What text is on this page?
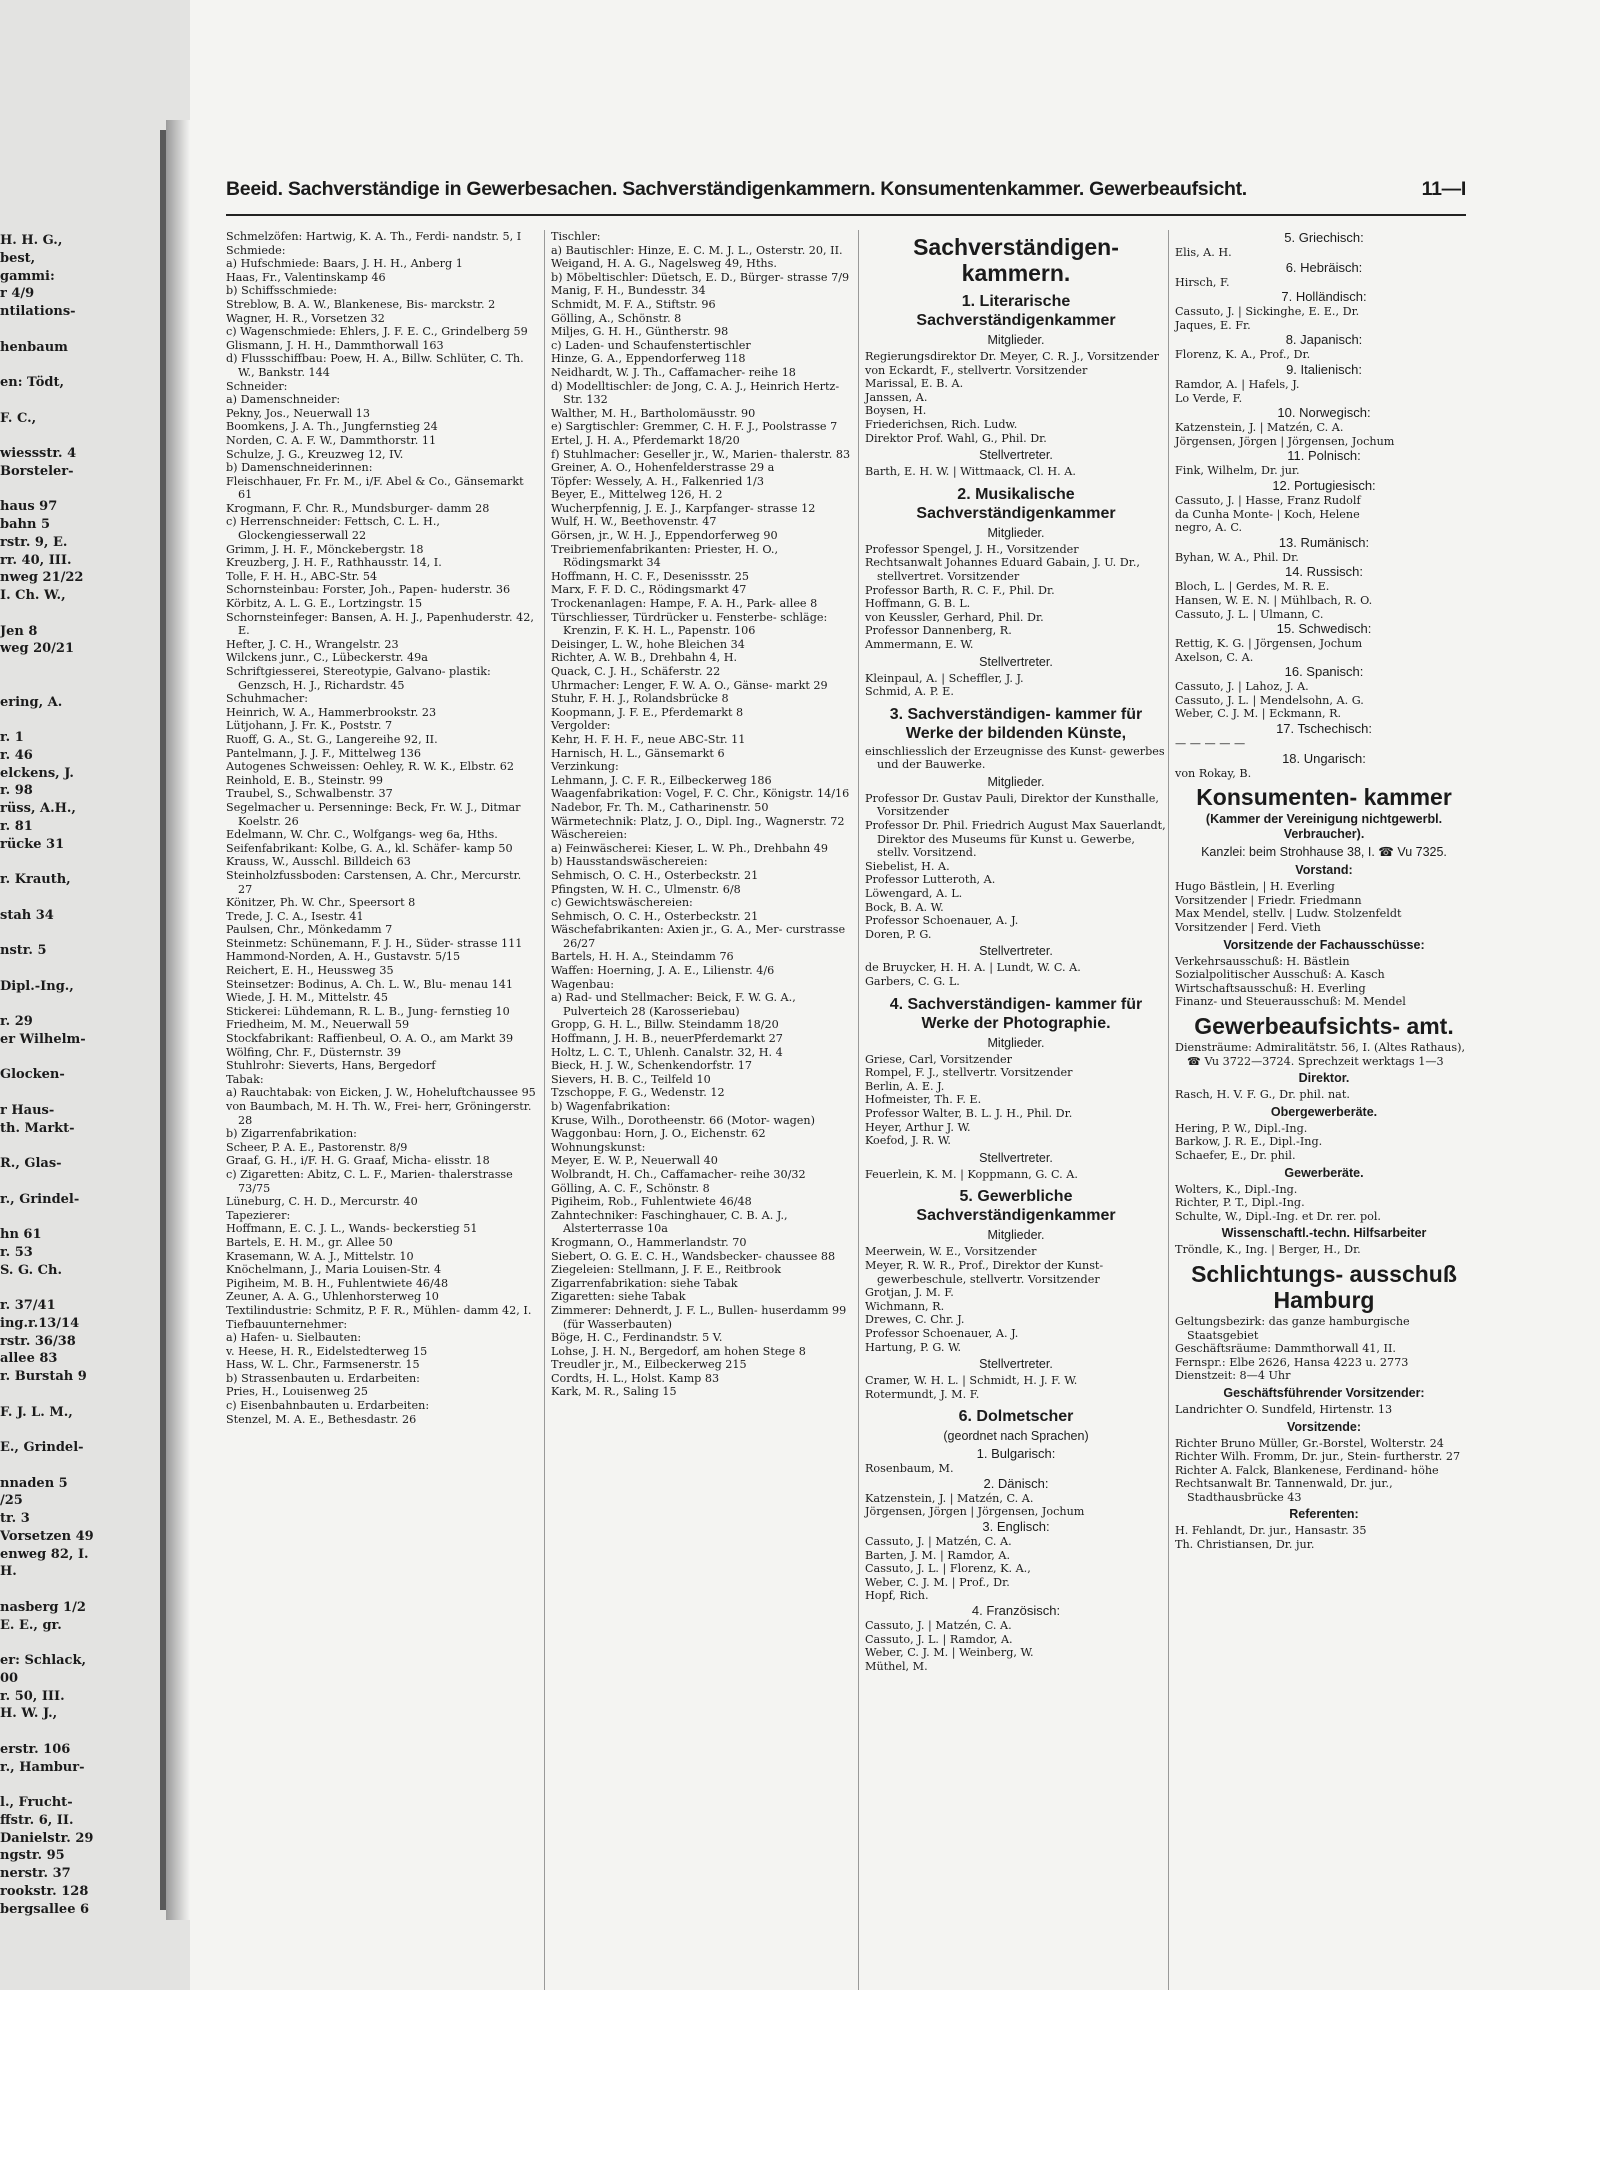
H. H. G.,
best,
gammi:
r 4/9
ntilations-
henbaum
en: Tödt,
F. C.,
wiessstr. 4
Borsteler-
haus 97
bahn 5
rstr. 9, E.
rr. 40, III.
nweg 21/22
I. Ch. W.,
Jen 8
weg 20/21
ering, A.
r. 1
r. 46
elckens, J.
r. 98
rüss, A.H.,
r. 81
rücke 31
r. Krauth,
stah 34
nstr. 5
Dipl.-Ing.,
r. 29
er Wilhelm-
Glocken-
r Haus-
th. Markt-
R., Glas-
r., Grindel-
hn 61
r. 53
S. G. Ch.
r. 37/41
ing.r.13/14
rstr. 36/38
allee 83
r. Burstah 9
F. J. L. M.,
E., Grindel-
nnaden 5
/25
tr. 3
Vorsetzen 49
enweg 82, I.
H.
nasberg 1/2
E. E., gr.
er: Schlack,
00
r. 50, III.
H. W. J.,
erstr. 106
r., Hambur-
l., Frucht-
ffstr. 6, II.
Danielstr. 29
ngstr. 95
nerstr. 37
rookstr. 128
bergsallee 6
Beeid. Sachverständige in Gewerbesachen. Sachverständigenkammern. Konsumentenkammer. Gewerbeaufsicht.	11—I
Schmelzöfen: Hartwig, K. A. Th., Ferdi- nandstr. 5, I
Schmiede:
a) Hufschmiede: Baars, J. H. H., Anberg 1
Haas, Fr., Valentinskamp 46
b) Schiffsschmiede:
Streblow, B. A. W., Blankenese, Bis- marckstr. 2
Wagner, H. R., Vorsetzen 32
c) Wagenschmiede: Ehlers, J. F. E. C., Grindelberg 59
Glismann, J. H. H., Dammthorwall 163
d) Flussschiffbau: Poew, H. A., Billw. Schlüter, C. Th. W., Bankstr. 144
Schneider:
a) Damenschneider:
Pekny, Jos., Neuerwall 13
Boomkens, J. A. Th., Jungfernstieg 24
Norden, C. A. F. W., Dammthorstr. 11
Schulze, J. G., Kreuzweg 12, IV.
b) Damenschneiderinnen:
Fleischhauer, Fr. Fr. M., i/F. Abel & Co., Gänsemarkt 61
Krogmann, F. Chr. R., Mundsburger- damm 28
c) Herrenschneider: Fettsch, C. L. H., Glockengiesserwall 22
Grimm, J. H. F., Mönckebergstr. 18
Kreuzberg, J. H. F., Rathhausstr. 14, I.
Tolle, F. H. H., ABC-Str. 54
Schornsteinbau: Forster, Joh., Papen- huderstr. 36
Körbitz, A. L. G. E., Lortzingstr. 15
Schornsteinfeger: Bansen, A. H. J., Papenhuderstr. 42, E.
Hefter, J. C. H., Wrangelstr. 23
Wilckens junr., C., Lübeckerstr. 49a
Schriftgiesserei, Stereotypie, Galvano- plastik: Genzsch, H. J., Richardstr. 45
Schuhmacher:
Heinrich, W. A., Hammerbrookstr. 23
Lütjohann, J. Fr. K., Poststr. 7
Ruoff, G. A., St. G., Langereihe 92, II.
Pantelmann, J. J. F., Mittelweg 136
Autogenes Schweissen: Oehley, R. W. K., Elbstr. 62
Reinhold, E. B., Steinstr. 99
Traubel, S., Schwalbenstr. 37
Segelmacher u. Persenninge: Beck, Fr. W. J., Ditmar Koelstr. 26
Edelmann, W. Chr. C., Wolfgangs- weg 6a, Hths.
Seifenfabrikant: Kolbe, G. A., kl. Schäfer- kamp 50
Krauss, W., Ausschl. Billdeich 63
Steinholzfussboden: Carstensen, A. Chr., Mercurstr. 27
Könitzer, Ph. W. Chr., Speersort 8
Trede, J. C. A., Isestr. 41
Paulsen, Chr., Mönkedamm 7
Steinmetz: Schünemann, F. J. H., Süder- strasse 111
Hammond-Norden, A. H., Gustavstr. 5/15
Reichert, E. H., Heussweg 35
Steinsetzer: Bodinus, A. Ch. L. W., Blu- menau 141
Wiede, J. H. M., Mittelstr. 45
Stickerei: Lühdemann, R. L. B., Jung- fernstieg 10
Friedheim, M. M., Neuerwall 59
Stockfabrikant: Raffienbeul, O. A. O., am Markt 39
Wölfing, Chr. F., Düsternstr. 39
Stuhlrohr: Sieverts, Hans, Bergedorf
Tabak:
a) Rauchtabak: von Eicken, J. W., Hoheluftchaussee 95
von Baumbach, M. H. Th. W., Frei- herr, Gröningerstr. 28
b) Zigarrenfabrikation:
Scheer, P. A. E., Pastorenstr. 8/9
Graaf, G. H., i/F. H. G. Graaf, Micha- elisstr. 18
c) Zigaretten: Abitz, C. L. F., Marien- thalerstrasse 73/75
Lüneburg, C. H. D., Mercurstr. 40
Tapezierer:
Hoffmann, E. C. J. L., Wands- beckerstieg 51
Bartels, E. H. M., gr. Allee 50
Krasemann, W. A. J., Mittelstr. 10
Knöchelmann, J., Maria Louisen-Str. 4
Pigiheim, M. B. H., Fuhlentwiete 46/48
Zeuner, A. A. G., Uhlenhorsterweg 10
Textilindustrie: Schmitz, P. F. R., Mühlen- damm 42, I.
Tiefbauunternehmer:
a) Hafen- u. Sielbauten:
v. Heese, H. R., Eidelstedterweg 15
Hass, W. L. Chr., Farmsenerstr. 15
b) Strassenbauten u. Erdarbeiten:
Pries, H., Louisenweg 25
c) Eisenbahnbauten u. Erdarbeiten:
Stenzel, M. A. E., Bethesdastr. 26
Tischler:
a) Bautischler: Hinze, E. C. M. J. L., Osterstr. 20, II.
Weigand, H. A. G., Nagelsweg 49, Hths.
b) Möbeltischler: Düetsch, E. D., Bürger- strasse 7/9
Manig, F. H., Bundesstr. 34
Schmidt, M. F. A., Stiftstr. 96
Gölling, A., Schönstr. 8
Miljes, G. H. H., Güntherstr. 98
c) Laden- und Schaufenstertischler
Hinze, G. A., Eppendorferweg 118
Neidhardt, W. J. Th., Caffamacher- reihe 18
d) Modelltischler: de Jong, C. A. J., Heinrich Hertz-Str. 132
Walther, M. H., Bartholomäusstr. 90
e) Sargtischler: Gremmer, C. H. F. J., Poolstrasse 7
Ertel, J. H. A., Pferdemarkt 18/20
f) Stuhlmacher: Geseller jr., W., Marien- thalerstr. 83
Greiner, A. O., Hohenfelderstrasse 29 a
Töpfer: Wessely, A. H., Falkenried 1/3
Beyer, E., Mittelweg 126, H. 2
Wucherpfennig, J. E. J., Karpfanger- strasse 12
Wulf, H. W., Beethovenstr. 47
Görsen, jr., W. H. J., Eppendorferweg 90
Treibriemenfabrikanten: Priester, H. O., Rödingsmarkt 34
Hoffmann, H. C. F., Desenissstr. 25
Marx, F. F. D. C., Rödingsmarkt 47
Trockenanlagen: Hampe, F. A. H., Park- allee 8
Türschliesser, Türdrücker u. Fensterbe- schläge: Krenzin, F. K. H. L., Papenstr. 106
Deisinger, L. W., hohe Bleichen 34
Richter, A. W. B., Drehbahn 4, H.
Quack, C. J. H., Schäferstr. 22
Uhrmacher: Lenger, F. W. A. O., Gänse- markt 29
Stuhr, F. H. J., Rolandsbrücke 8
Koopmann, J. F. E., Pferdemarkt 8
Vergolder:
Kehr, H. F. H. F., neue ABC-Str. 11
Harnisch, H. L., Gänsemarkt 6
Verzinkung:
Lehmann, J. C. F. R., Eilbeckerweg 186
Waagenfabrikation: Vogel, F. C. Chr., Königstr. 14/16
Nadebor, Fr. Th. M., Catharinenstr. 50
Wärmetechnik: Platz, J. O., Dipl. Ing., Wagnerstr. 72
Wäschereien:
a) Feinwäscherei: Kieser, L. W. Ph., Drehbahn 49
b) Hausstandswäschereien:
Sehmisch, O. C. H., Osterbeckstr. 21
Pfingsten, W. H. C., Ulmenstr. 6/8
c) Gewichtswäschereien:
Sehmisch, O. C. H., Osterbeckstr. 21
Wäschefabrikanten: Axien jr., G. A., Mer- curstrasse 26/27
Bartels, H. H. A., Steindamm 76
Waffen: Hoerning, J. A. E., Lilienstr. 4/6
Wagenbau:
a) Rad- und Stellmacher: Beick, F. W. G. A., Pulverteich 28 (Karosseriebau)
Gropp, G. H. L., Billw. Steindamm 18/20
Hoffmann, J. H. B., neuerPferdemarkt 27
Holtz, L. C. T., Uhlenh. Canalstr. 32, H. 4
Bieck, H. J. W., Schenkendorfstr. 17
Sievers, H. B. C., Teilfeld 10
Tzschoppe, F. G., Wedenstr. 12
b) Wagenfabrikation:
Kruse, Wilh., Dorotheenstr. 66 (Motor- wagen)
Waggonbau: Horn, J. O., Eichenstr. 62
Wohnungskunst:
Meyer, E. W. P., Neuerwall 40
Wolbrandt, H. Ch., Caffamacher- reihe 30/32
Gölling, A. C. F., Schönstr. 8
Pigiheim, Rob., Fuhlentwiete 46/48
Zahntechniker: Faschinghauer, C. B. A. J., Alsterterrasse 10a
Krogmann, O., Hammerlandstr. 70
Siebert, O. G. E. C. H., Wandsbecker- chaussee 88
Ziegeleien: Stellmann, J. F. E., Reitbrook
Zigarrenfabrikation: siehe Tabak
Zigaretten: siehe Tabak
Zimmerer: Dehnerdt, J. F. L., Bullen- huserdamm 99 (für Wasserbauten)
Böge, H. C., Ferdinandstr. 5 V.
Lohse, J. H. N., Bergedorf, am hohen Stege 8
Treudler jr., M., Eilbeckerweg 215
Cordts, H. L., Holst. Kamp 83
Kark, M. R., Saling 15
Sachverständigen- kammern.
1. Literarische Sachverständigenkammer
Mitglieder.
Regierungsdirektor Dr. Meyer, C. R. J., Vorsitzender
von Eckardt, F., stellvertr. Vorsitzender
Marissal, E. B. A.
Janssen, A.
Boysen, H.
Friederichsen, Rich. Ludw.
Direktor Prof. Wahl, G., Phil. Dr.
Stellvertreter.
Barth, E. H. W. | Wittmaack, Cl. H. A.
2. Musikalische Sachverständigenkammer
Mitglieder.
Professor Spengel, J. H., Vorsitzender
Rechtsanwalt Johannes Eduard Gabain, J. U. Dr., stellvertret. Vorsitzender
Professor Barth, R. C. F., Phil. Dr.
Hoffmann, G. B. L.
von Keussler, Gerhard, Phil. Dr.
Professor Dannenberg, R.
Ammermann, E. W.
Stellvertreter.
Kleinpaul, A. | Scheffler, J. J.
Schmid, A. P. E.
3. Sachverständigen- kammer für Werke der bildenden Künste,
einschliesslich der Erzeugnisse des Kunst- gewerbes und der Bauwerke.
Mitglieder.
Professor Dr. Gustav Pauli, Direktor der Kunsthalle, Vorsitzender
Professor Dr. Phil. Friedrich August Max Sauerlandt, Direktor des Museums für Kunst u. Gewerbe, stellv. Vorsitzend.
Siebelist, H. A.
Professor Lutteroth, A.
Löwengard, A. L.
Bock, B. A. W.
Professor Schoenauer, A. J.
Doren, P. G.
Stellvertreter.
de Bruycker, H. H. A. | Lundt, W. C. A.
Garbers, C. G. L.
4. Sachverständigen- kammer für Werke der Photographie.
Mitglieder.
Griese, Carl, Vorsitzender
Rompel, F. J., stellvertr. Vorsitzender
Berlin, A. E. J.
Hofmeister, Th. F. E.
Professor Walter, B. L. J. H., Phil. Dr.
Heyer, Arthur J. W.
Koefod, J. R. W.
Stellvertreter.
Feuerlein, K. M. | Koppmann, G. C. A.
5. Gewerbliche Sachverständigenkammer
Mitglieder.
Meerwein, W. E., Vorsitzender
Meyer, R. W. R., Prof., Direktor der Kunst- gewerbeschule, stellvertr. Vorsitzender
Grotjan, J. M. F.
Wichmann, R.
Drewes, C. Chr. J.
Professor Schoenauer, A. J.
Hartung, P. G. W.
Stellvertreter.
Cramer, W. H. L. | Schmidt, H. J. F. W.
Rotermundt, J. M. F.
6. Dolmetscher
(geordnet nach Sprachen)
1. Bulgarisch:
Rosenbaum, M.
2. Dänisch:
Katzenstein, J. | Matzén, C. A.
Jörgensen, Jörgen | Jörgensen, Jochum
3. Englisch:
Cassuto, J. | Matzén, C. A.
Barten, J. M. | Ramdor, A.
Cassuto, J. L. | Florenz, K. A.,
Weber, C. J. M. | Prof., Dr.
Hopf, Rich.
4. Französisch:
Cassuto, J. | Matzén, C. A.
Cassuto, J. L. | Ramdor, A.
Weber, C. J. M. | Weinberg, W.
Müthel, M.
5. Griechisch:
Elis, A. H.
6. Hebräisch:
Hirsch, F.
7. Holländisch:
Cassuto, J. | Sickinghe, E. E., Dr.
Jaques, E. Fr.
8. Japanisch:
Florenz, K. A., Prof., Dr.
9. Italienisch:
Ramdor, A. | Hafels, J.
Lo Verde, F.
10. Norwegisch:
Katzenstein, J. | Matzén, C. A.
Jörgensen, Jörgen | Jörgensen, Jochum
11. Polnisch:
Fink, Wilhelm, Dr. jur.
12. Portugiesisch:
Cassuto, J. | Hasse, Franz Rudolf
da Cunha Monte- | Koch, Helene
negro, A. C.
13. Rumänisch:
Byhan, W. A., Phil. Dr.
14. Russisch:
Bloch, L. | Gerdes, M. R. E.
Hansen, W. E. N. | Mühlbach, R. O.
Cassuto, J. L. | Ulmann, C.
15. Schwedisch:
Rettig, K. G. | Jörgensen, Jochum
Axelson, C. A.
16. Spanisch:
Cassuto, J. | Lahoz, J. A.
Cassuto, J. L. | Mendelsohn, A. G.
Weber, C. J. M. | Eckmann, R.
17. Tschechisch:
— — — — —
18. Ungarisch:
von Rokay, B.
Konsumenten- kammer
(Kammer der Vereinigung nichtgewerbl. Verbraucher).
Kanzlei: beim Strohhause 38, I. ☎ Vu 7325.
Vorstand:
Hugo Bästlein, | H. Everling
Vorsitzender | Friedr. Friedmann
Max Mendel, stellv. | Ludw. Stolzenfeldt
Vorsitzender | Ferd. Vieth
Vorsitzende der Fachausschüsse:
Verkehrsausschuß: H. Bästlein
Sozialpolitischer Ausschuß: A. Kasch
Wirtschaftsausschuß: H. Everling
Finanz- und Steuerausschuß: M. Mendel
Gewerbeaufsichts- amt.
Diensträume: Admiralitätstr. 56, I. (Altes Rathaus), ☎ Vu 3722—3724. Sprechzeit werktags 1—3
Direktor.
Rasch, H. V. F. G., Dr. phil. nat.
Obergewerberäte.
Hering, P. W., Dipl.-Ing.
Barkow, J. R. E., Dipl.-Ing.
Schaefer, E., Dr. phil.
Gewerberäte.
Wolters, K., Dipl.-Ing.
Richter, P. T., Dipl.-Ing.
Schulte, W., Dipl.-Ing. et Dr. rer. pol.
Wissenschaftl.-techn. Hilfsarbeiter
Tröndle, K., Ing. | Berger, H., Dr.
Schlichtungs- ausschuß Hamburg
Geltungsbezirk: das ganze hamburgische Staatsgebiet
Geschäftsräume: Dammthorwall 41, II.
Fernspr.: Elbe 2626, Hansa 4223 u. 2773
Dienstzeit: 8—4 Uhr
Geschäftsführender Vorsitzender:
Landrichter O. Sundfeld, Hirtenstr. 13
Vorsitzende:
Richter Bruno Müller, Gr.-Borstel, Wolterstr. 24
Richter Wilh. Fromm, Dr. jur., Stein- furtherstr. 27
Richter A. Falck, Blankenese, Ferdinand- höhe
Rechtsanwalt Br. Tannenwald, Dr. jur., Stadthausbrücke 43
Referenten:
H. Fehlandt, Dr. jur., Hansastr. 35
Th. Christiansen, Dr. jur.
